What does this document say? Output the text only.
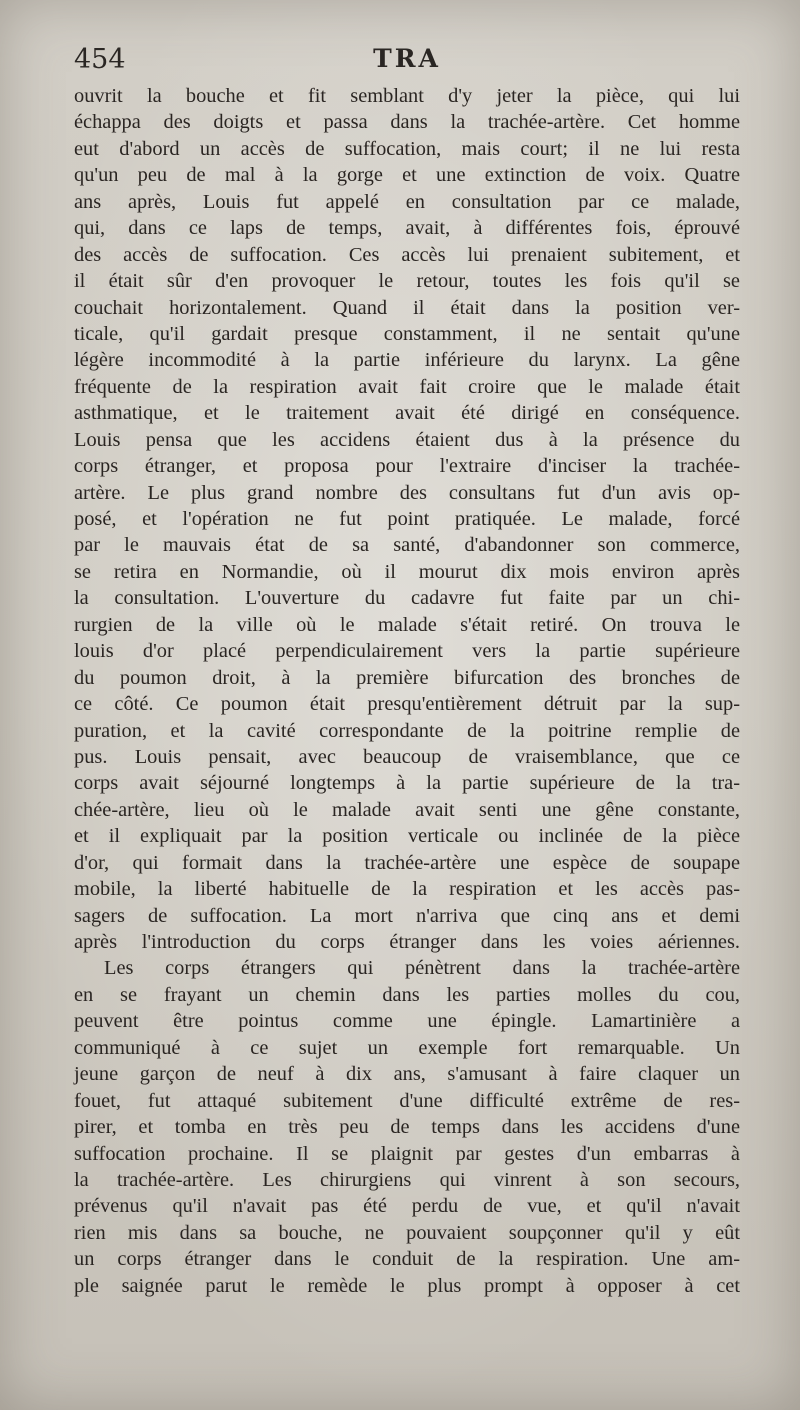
454	TRA
ouvrit la bouche et fit semblant d'y jeter la pièce, qui lui
échappa des doigts et passa dans la trachée-artère. Cet homme
eut d'abord un accès de suffocation, mais court; il ne lui resta
qu'un peu de mal à la gorge et une extinction de voix. Quatre
ans après, Louis fut appelé en consultation par ce malade,
qui, dans ce laps de temps, avait, à différentes fois, éprouvé
des accès de suffocation. Ces accès lui prenaient subitement, et
il était sûr d'en provoquer le retour, toutes les fois qu'il se
couchait horizontalement. Quand il était dans la position ver-
ticale, qu'il gardait presque constamment, il ne sentait qu'une
légère incommodité à la partie inférieure du larynx. La gêne
fréquente de la respiration avait fait croire que le malade était
asthmatique, et le traitement avait été dirigé en conséquence.
Louis pensa que les accidens étaient dus à la présence du
corps étranger, et proposa pour l'extraire d'inciser la trachée-
artère. Le plus grand nombre des consultans fut d'un avis op-
posé, et l'opération ne fut point pratiquée. Le malade, forcé
par le mauvais état de sa santé, d'abandonner son commerce,
se retira en Normandie, où il mourut dix mois environ après
la consultation. L'ouverture du cadavre fut faite par un chi-
rurgien de la ville où le malade s'était retiré. On trouva le
louis d'or placé perpendiculairement vers la partie supérieure
du poumon droit, à la première bifurcation des bronches de
ce côté. Ce poumon était presqu'entièrement détruit par la sup-
puration, et la cavité correspondante de la poitrine remplie de
pus. Louis pensait, avec beaucoup de vraisemblance, que ce
corps avait séjourné longtemps à la partie supérieure de la tra-
chée-artère, lieu où le malade avait senti une gêne constante,
et il expliquait par la position verticale ou inclinée de la pièce
d'or, qui formait dans la trachée-artère une espèce de soupape
mobile, la liberté habituelle de la respiration et les accès pas-
sagers de suffocation. La mort n'arriva que cinq ans et demi
après l'introduction du corps étranger dans les voies aériennes.
Les corps étrangers qui pénètrent dans la trachée-artère
en se frayant un chemin dans les parties molles du cou,
peuvent être pointus comme une épingle. Lamartinière a
communiqué à ce sujet un exemple fort remarquable. Un
jeune garçon de neuf à dix ans, s'amusant à faire claquer un
fouet, fut attaqué subitement d'une difficulté extrême de res-
pirer, et tomba en très peu de temps dans les accidens d'une
suffocation prochaine. Il se plaignit par gestes d'un embarras à
la trachée-artère. Les chirurgiens qui vinrent à son secours,
prévenus qu'il n'avait pas été perdu de vue, et qu'il n'avait
rien mis dans sa bouche, ne pouvaient soupçonner qu'il y eût
un corps étranger dans le conduit de la respiration. Une am-
ple saignée parut le remède le plus prompt à opposer à cet
